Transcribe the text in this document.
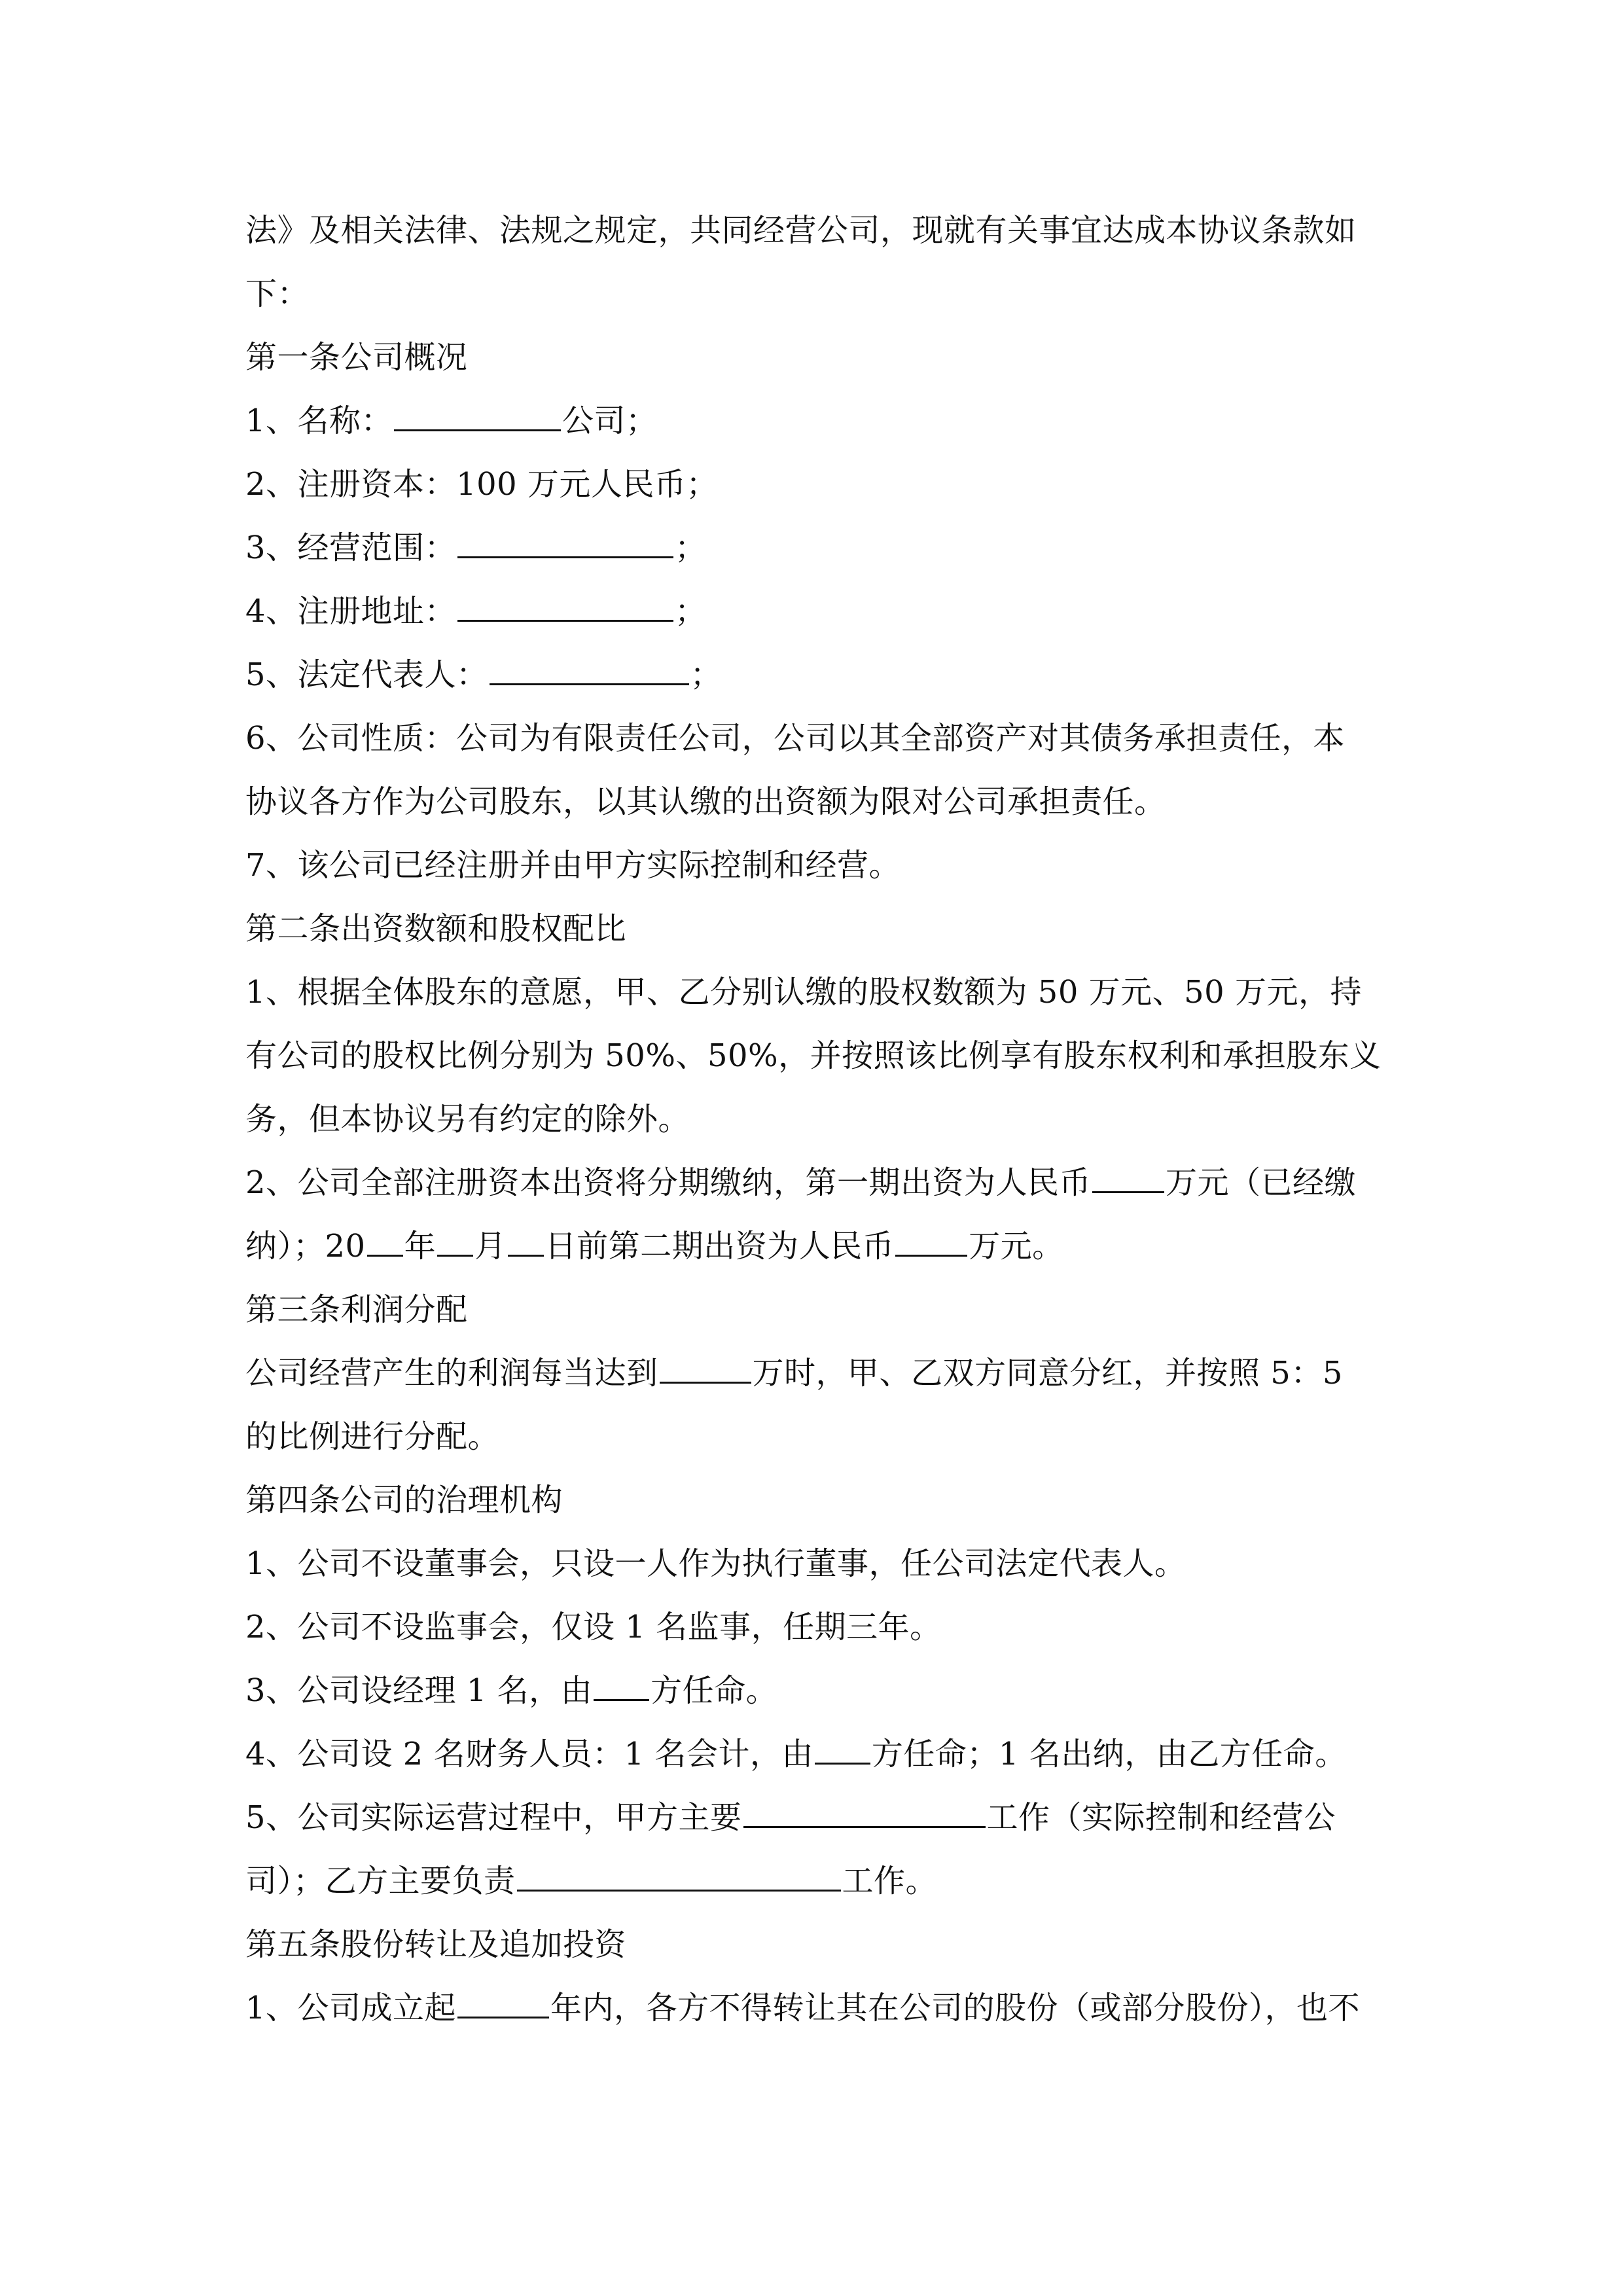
法》及相关法律、法规之规定，共同经营公司，现就有关事宜达成本协议条款如
下：
第一条公司概况
1、名称：	公司；
2、注册资本：100 万元人民币；
3、经营范围：	；
4、注册地址：	；
5、法定代表人：	；
6、公司性质：公司为有限责任公司，公司以其全部资产对其债务承担责任，本
协议各方作为公司股东，以其认缴的出资额为限对公司承担责任。
7、该公司已经注册并由甲方实际控制和经营。
第二条出资数额和股权配比
1、根据全体股东的意愿，甲、乙分别认缴的股权数额为 50 万元、50 万元，持
有公司的股权比例分别为 50%、50%，并按照该比例享有股东权利和承担股东义
务，但本协议另有约定的除外。
2、公司全部注册资本出资将分期缴纳，第一期出资为人民币 万元（已经缴
纳）；20 年 月 日前第二期出资为人民币 万元。
第三条利润分配
公司经营产生的利润每当达到	万时，甲、乙双方同意分红，并按照 5：5
的比例进行分配。
第四条公司的治理机构
1、公司不设董事会，只设一人作为执行董事，任公司法定代表人。
2、公司不设监事会，仅设 1 名监事，任期三年。
3、公司设经理 1 名，由 方任命。
4、公司设 2 名财务人员：1 名会计，由 方任命；1 名出纳，由乙方任命。
5、公司实际运营过程中，甲方主要	工作（实际控制和经营公
司）；乙方主要负责	工作。
第五条股份转让及追加投资
1、公司成立起	年内，各方不得转让其在公司的股份（或部分股份），也不
